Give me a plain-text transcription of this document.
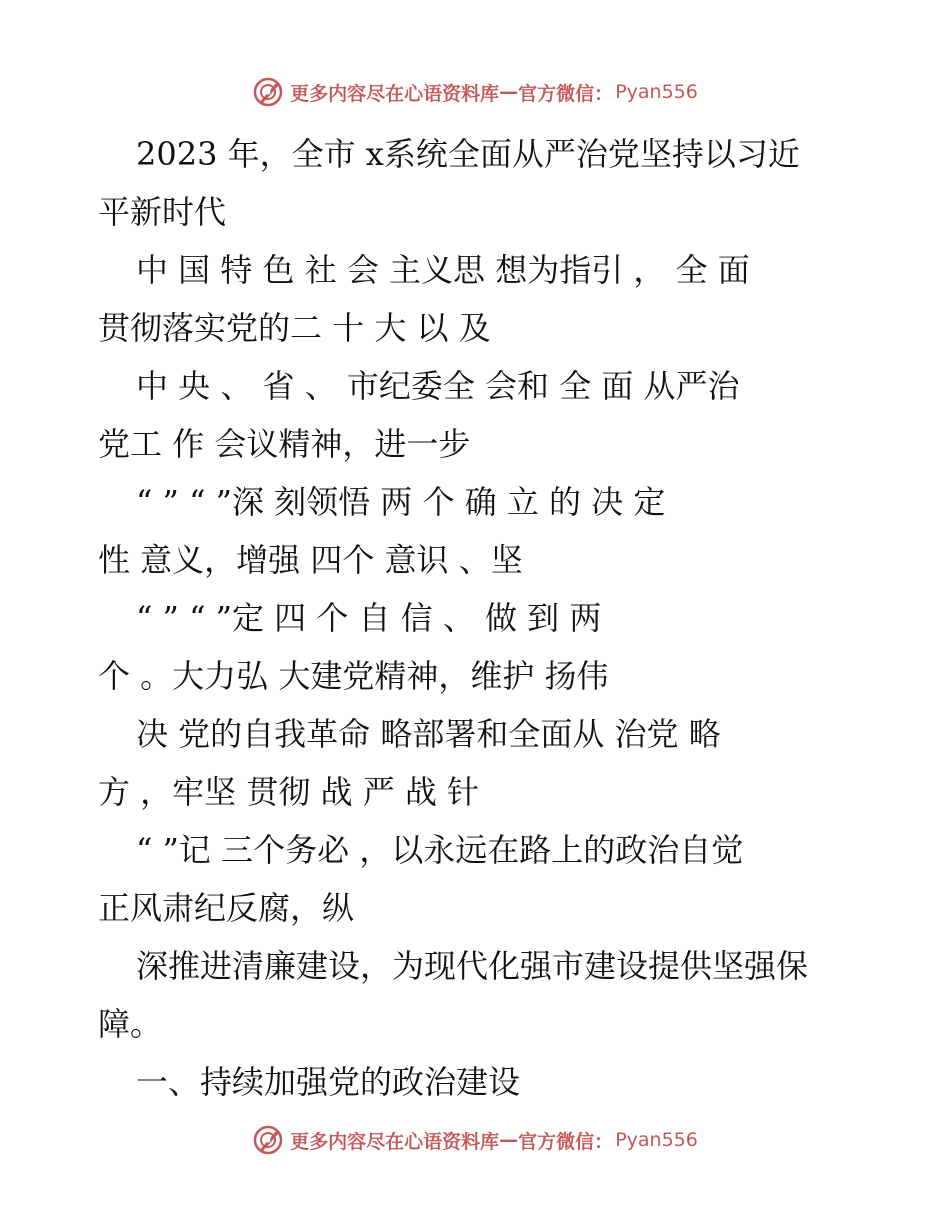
更多内容尽在心语资料库 — 官方微信： Pyan556
2023 年，全市 x系统全面从严治党坚持以习近
平新时代
中 国 特 色 社 会 主义思 想为指引 ， 全 面
贯彻落实党的二 十 大 以 及
中 央 、 省 、 市纪委全 会和 全 面 从严治
党工 作 会议精神，进一步
“ ” “ ”深 刻领悟 两 个 确 立 的 决 定
性 意义，增强 四个 意识 、坚
“ ” “ ”定 四 个 自 信 、 做 到 两
个 。大力弘 大建党精神，维护 扬伟
决 党的自我革命 略部署和全面从 治党 略
方 ，牢坚 贯彻 战 严 战 针
“ ”记 三个务必 ，以永远在路上的政治自觉
正风肃纪反腐，纵
深推进清廉建设，为现代化强市建设提供坚强保
障。
一、持续加强党的政治建设
更多内容尽在心语资料库 — 官方微信： Pyan556
